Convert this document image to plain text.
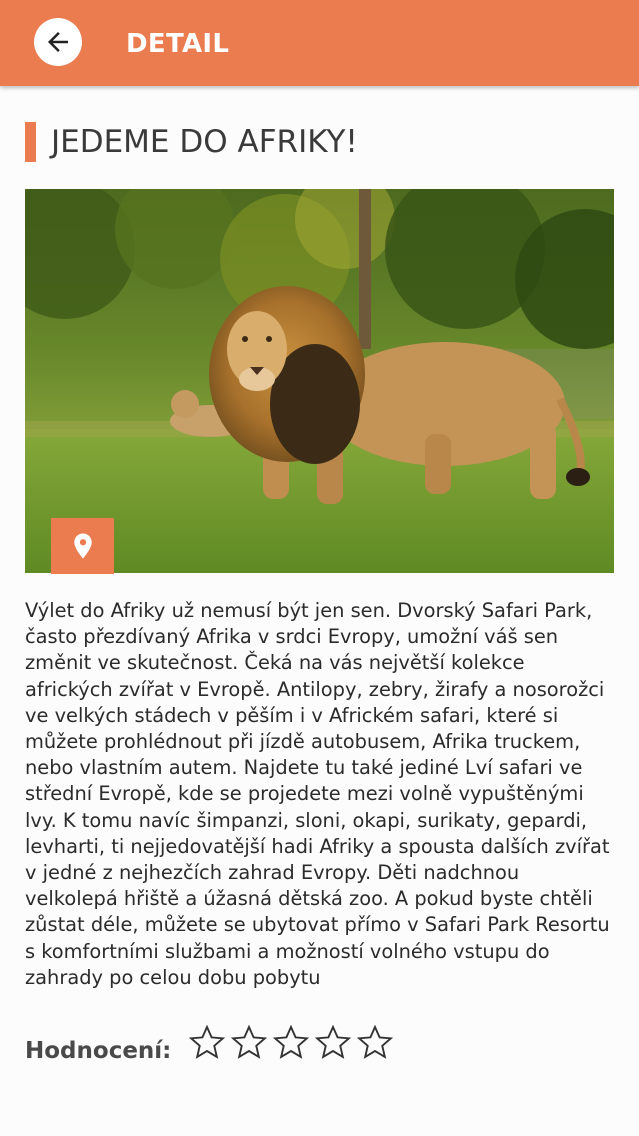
DETAIL
JEDEME DO AFRIKY!

Výlet do Afriky už nemusí být jen sen. Dvorský Safari Park, často přezdívaný Afrika v srdci Evropy, umožní váš sen změnit ve skutečnost. Čeká na vás největší kolekce afrických zvířat v Evropě. Antilopy, zebry, žirafy a nosorožci ve velkých stádech v pěším i v Africkém safari, které si můžete prohlédnout při jízdě autobusem, Afrika truckem, nebo vlastním autem. Najdete tu také jediné Lví safari ve střední Evropě, kde se projedete mezi volně vypuštěnými lvy. K tomu navíc šimpanzi, sloni, okapi, surikaty, gepardi, levharti, ti nejjedovatější hadi Afriky a spousta dalších zvířat v jedné z nejhezčích zahrad Evropy. Děti nadchnou velkolepá hřiště a úžasná dětská zoo. A pokud byste chtěli zůstat déle, můžete se ubytovat přímo v Safari Park Resortu s komfortními službami a možností volného vstupu do zahrady po celou dobu pobytu

Hodnocení:
